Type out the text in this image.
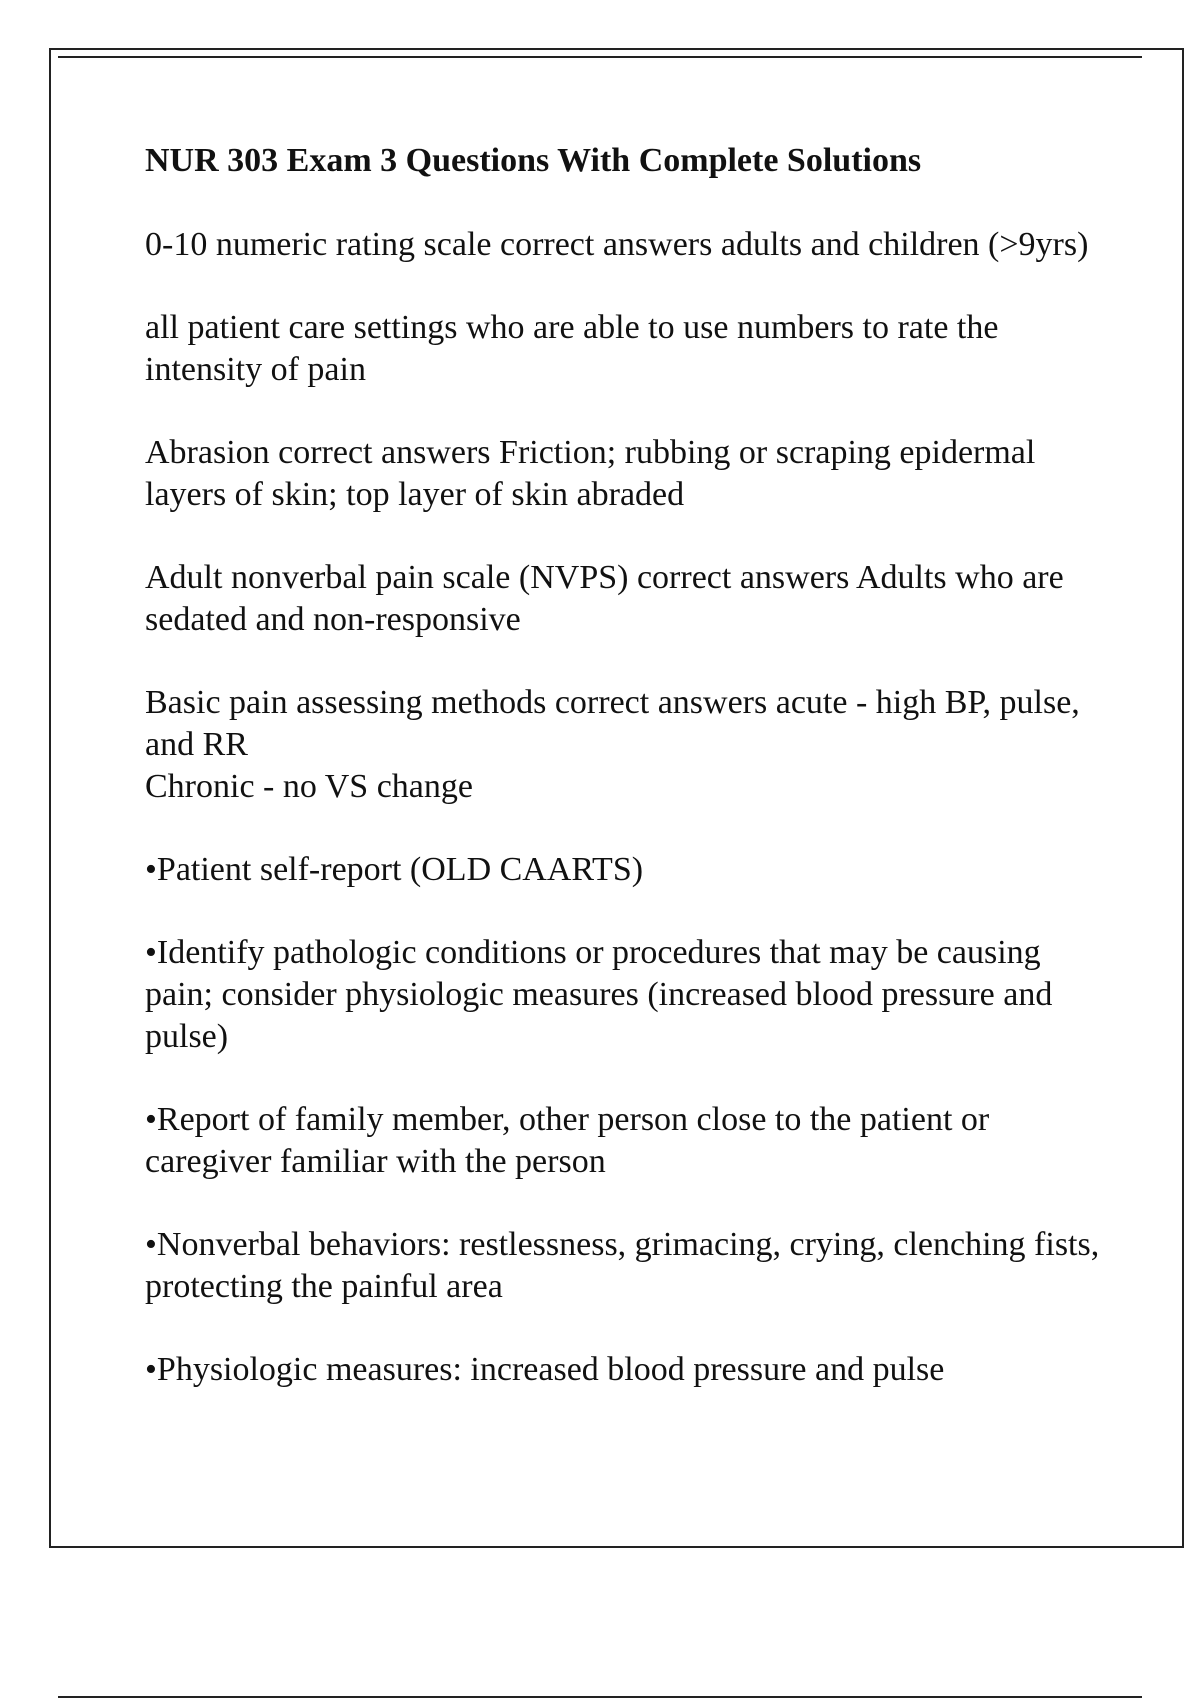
NUR 303 Exam 3 Questions With Complete Solutions
0-10 numeric rating scale correct answers adults and children (>9yrs)
all patient care settings who are able to use numbers to rate the intensity of pain
Abrasion correct answers Friction; rubbing or scraping epidermal layers of skin; top layer of skin abraded
Adult nonverbal pain scale (NVPS) correct answers Adults who are sedated and non-responsive
Basic pain assessing methods correct answers acute - high BP, pulse, and RR
Chronic - no VS change
•Patient self-report (OLD CAARTS)
•Identify pathologic conditions or procedures that may be causing pain; consider physiologic measures (increased blood pressure and pulse)
•Report of family member, other person close to the patient or caregiver familiar with the person
•Nonverbal behaviors: restlessness, grimacing, crying, clenching fists, protecting the painful area
•Physiologic measures: increased blood pressure and pulse
